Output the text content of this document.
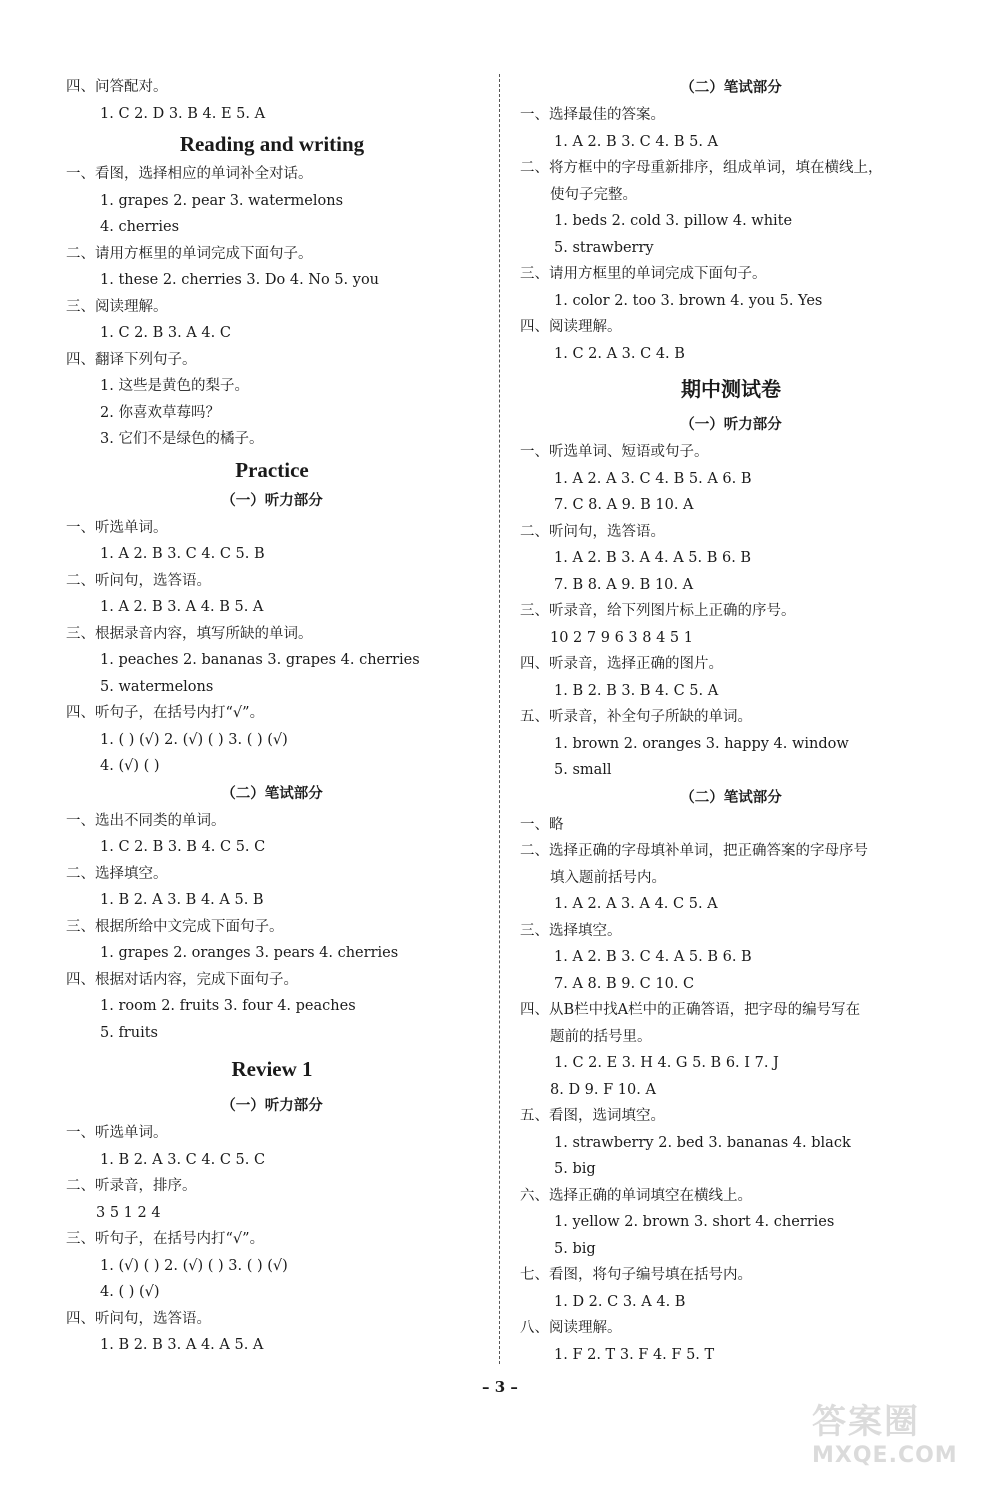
四、问答配对。
1. C 2. D 3. B 4. E 5. A
Reading and writing
一、看图，选择相应的单词补全对话。
1. grapes 2. pear 3. watermelons
4. cherries
二、请用方框里的单词完成下面句子。
1. these 2. cherries 3. Do 4. No 5. you
三、阅读理解。
1. C 2. B 3. A 4. C
四、翻译下列句子。
1. 这些是黄色的梨子。
2. 你喜欢草莓吗？
3. 它们不是绿色的橘子。
Practice
（一）听力部分
一、听选单词。
1. A 2. B 3. C 4. C 5. B
二、听问句，选答语。
1. A 2. B 3. A 4. B 5. A
三、根据录音内容，填写所缺的单词。
1. peaches 2. bananas 3. grapes 4. cherries
5. watermelons
四、听句子，在括号内打“√”。
1. ( ) (√) 2. (√) ( ) 3. ( ) (√)
4. (√) ( )
（二）笔试部分
一、选出不同类的单词。
1. C 2. B 3. B 4. C 5. C
二、选择填空。
1. B 2. A 3. B 4. A 5. B
三、根据所给中文完成下面句子。
1. grapes 2. oranges 3. pears 4. cherries
四、根据对话内容，完成下面句子。
1. room 2. fruits 3. four 4. peaches
5. fruits
Review 1
（一）听力部分
一、听选单词。
1. B 2. A 3. C 4. C 5. C
二、听录音，排序。
3 5 1 2 4
三、听句子，在括号内打“√”。
1. (√) ( ) 2. (√) ( ) 3. ( ) (√)
4. ( ) (√)
四、听问句，选答语。
1. B 2. B 3. A 4. A 5. A
（二）笔试部分
一、选择最佳的答案。
1. A 2. B 3. C 4. B 5. A
二、将方框中的字母重新排序，组成单词，填在横线上，
使句子完整。
1. beds 2. cold 3. pillow 4. white
5. strawberry
三、请用方框里的单词完成下面句子。
1. color 2. too 3. brown 4. you 5. Yes
四、阅读理解。
1. C 2. A 3. C 4. B
期中测试卷
（一）听力部分
一、听选单词、短语或句子。
1. A 2. A 3. C 4. B 5. A 6. B
7. C 8. A 9. B 10. A
二、听问句，选答语。
1. A 2. B 3. A 4. A 5. B 6. B
7. B 8. A 9. B 10. A
三、听录音，给下列图片标上正确的序号。
10 2 7 9 6 3 8 4 5 1
四、听录音，选择正确的图片。
1. B 2. B 3. B 4. C 5. A
五、听录音，补全句子所缺的单词。
1. brown 2. oranges 3. happy 4. window
5. small
（二）笔试部分
一、略
二、选择正确的字母填补单词，把正确答案的字母序号
填入题前括号内。
1. A 2. A 3. A 4. C 5. A
三、选择填空。
1. A 2. B 3. C 4. A 5. B 6. B
7. A 8. B 9. C 10. C
四、从B栏中找A栏中的正确答语，把字母的编号写在
题前的括号里。
1. C 2. E 3. H 4. G 5. B 6. I 7. J
8. D 9. F 10. A
五、看图，选词填空。
1. strawberry 2. bed 3. bananas 4. black
5. big
六、选择正确的单词填空在横线上。
1. yellow 2. brown 3. short 4. cherries
5. big
七、看图，将句子编号填在括号内。
1. D 2. C 3. A 4. B
八、阅读理解。
1. F 2. T 3. F 4. F 5. T
– 3 –
答案圈
MXQE.COM
